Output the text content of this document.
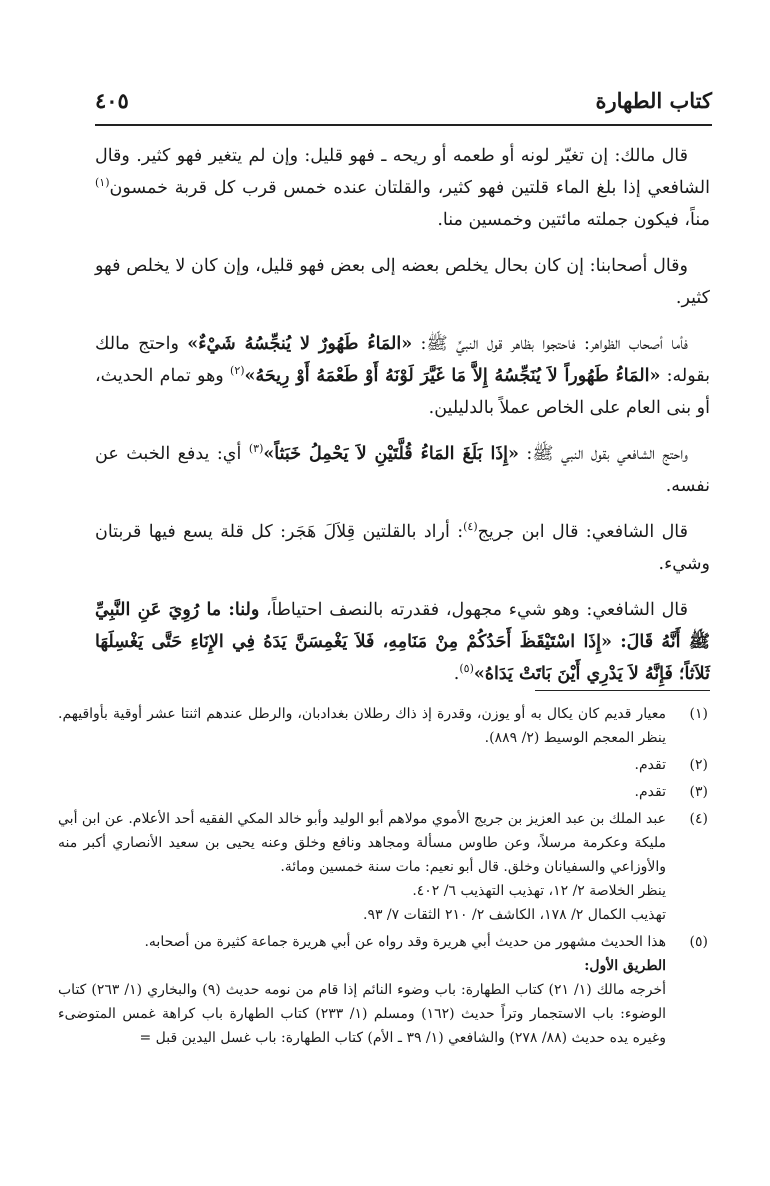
كتاب الطهارة
٤٠٥

قال مالك: إن تغيّر لونه أو طعمه أو ريحه ـ فهو قليل: وإن لم يتغير فهو كثير. وقال الشافعي إذا بلغ الماء قلتين فهو كثير، والقلتان عنده خمس قرب كل قربة خمسون$^{(١)}$ مناً، فيكون جملته مائتين وخمسين منا.

وقال أصحابنا: إن كان بحال يخلص بعضه إلى بعض فهو قليل، وإن كان لا يخلص فهو كثير.

فأما أصحاب الظواهر: فاحتجوا بظاهر قول النبيِّ ﷺ: «المَاءُ طَهُورٌ لا يُنجِّسُهُ شَيْءٌ» واحتج مالك بقوله: «المَاءُ طَهُوراً لاَ يُنَجِّسُهُ إِلاَّ مَا غَيَّرَ لَوْنَهُ أَوْ طَعْمَهُ أَوْ رِيحَهُ»$^{(٢)}$ وهو تمام الحديث، أو بنى العام على الخاص عملاً بالدليلين.

واحتج الشافعي بقول النبي ﷺ: «إِذَا بَلَغَ المَاءُ قُلَّتَيْنِ لاَ يَحْمِلُ خَبَثاً»$^{(٣)}$ أي: يدفع الخبث عن نفسه.

قال الشافعي: قال ابن جريج$^{(٤)}$: أراد بالقلتين قِلاَلَ هَجَر: كل قلة يسع فيها قربتان وشيء.

قال الشافعي: وهو شيء مجهول، فقدرته بالنصف احتياطاً، ولنا: ما رُوِيَ عَنِ النَّبِيِّ ﷺ أَنَّهُ قَالَ: «إِذَا اسْتَيْقَظَ أَحَدُكُمْ مِنْ مَنَامِهِ، فَلاَ يَغْمِسَنَّ يَدَهُ فِي الإِنَاءِ حَتَّى يَغْسِلَهَا ثَلاَثاً؛ فَإِنَّهُ لاَ يَدْرِي أَيْنَ بَاتَتْ يَدَاهُ»$^{(٥)}$.

(١)
معيار قديم كان يكال به أو يوزن، وقدرة إذ ذاك رطلان بغدادبان، والرطل عندهم اثنتا عشر أوقية بأواقيهم. ينظر المعجم الوسيط (٢/ ٨٨٩).
(٢)
تقدم.
(٣)
تقدم.
(٤)
عبد الملك بن عبد العزيز بن جريج الأموي مولاهم أبو الوليد وأبو خالد المكي الفقيه أحد الأعلام. عن ابن أبي مليكة وعكرمة مرسلاً، وعن طاوس مسألة ومجاهد ونافع وخلق وعنه يحيى بن سعيد الأنصاري أكبر منه والأوزاعي والسفيانان وخلق. قال أبو نعيم: مات سنة خمسين ومائة.
ينظر الخلاصة ٢/ ١٢، تهذيب التهذيب ٦/ ٤٠٢.
تهذيب الكمال ٢/ ١٧٨، الكاشف ٢/ ٢١٠ الثقات ٧/ ٩٣.
(٥)
هذا الحديث مشهور من حديث أبي هريرة وقد رواه عن أبي هريرة جماعة كثيرة من أصحابه.
الطريق الأول:
أخرجه مالك (١/ ٢١) كتاب الطهارة: باب وضوء النائم إذا قام من نومه حديث (٩) والبخاري (١/ ٢٦٣) كتاب الوضوء: باب الاستجمار وتراً حديث (١٦٢) ومسلم (١/ ٢٣٣) كتاب الطهارة باب كراهة غمس المتوضىء وغيره يده حديث (٨٨/ ٢٧٨) والشافعي (١/ ٣٩ ـ الأم) كتاب الطهارة: باب غسل اليدين قبل =
